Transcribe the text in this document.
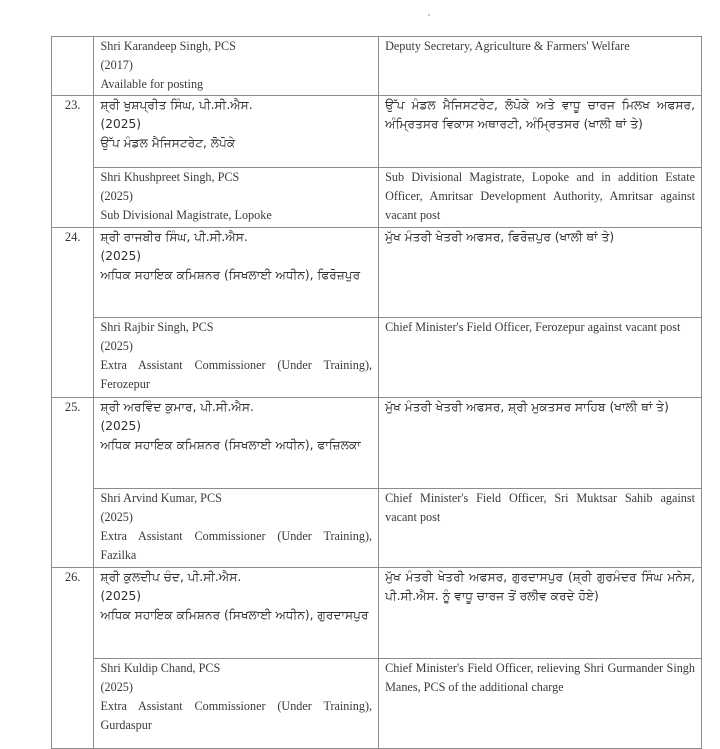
	Shri Karandeep Singh, PCS
(2017)
Available for posting	Deputy Secretary, Agriculture & Farmers' Welfare

23.	ਸ਼੍ਰੀ ਖੁਸ਼ਪ੍ਰੀਤ ਸਿੰਘ, ਪੀ.ਸੀ.ਐਸ.
(2025)
ਉੱਪ ਮੰਡਲ ਮੈਜਿਸਟਰੇਟ, ਲੋਪੋਕੇ	ਉੱਪ ਮੰਡਲ ਮੈਜਿਸਟਰੇਟ, ਲੋਪੋਕੇ ਅਤੇ ਵਾਧੂ ਚਾਰਜ ਮਿਲਖ ਅਫਸਰ, ਅੰਮ੍ਰਿਤਸਰ ਵਿਕਾਸ ਅਥਾਰਟੀ, ਅੰਮ੍ਰਿਤਸਰ (ਖਾਲੀ ਥਾਂ ਤੇ)

	Shri Khushpreet Singh, PCS
(2025)
Sub Divisional Magistrate, Lopoke	Sub Divisional Magistrate, Lopoke and in addition Estate Officer, Amritsar Development Authority, Amritsar against vacant post

24.	ਸ਼੍ਰੀ ਰਾਜਬੀਰ ਸਿੰਘ, ਪੀ.ਸੀ.ਐਸ.
(2025)
ਅਧਿਕ ਸਹਾਇਕ ਕਮਿਸ਼ਨਰ (ਸਿਖਲਾਈ ਅਧੀਨ), ਫਿਰੋਜ਼ਪੁਰ	ਮੁੱਖ ਮੰਤਰੀ ਖੇਤਰੀ ਅਫਸਰ, ਫਿਰੋਜ਼ਪੁਰ (ਖਾਲੀ ਥਾਂ ਤੇ)

	Shri Rajbir Singh, PCS
(2025)
Extra Assistant Commissioner (Under Training), Ferozepur	Chief Minister's Field Officer, Ferozepur against vacant post

25.	ਸ਼੍ਰੀ ਅਰਵਿੰਦ ਕੁਮਾਰ, ਪੀ.ਸੀ.ਐਸ.
(2025)
ਅਧਿਕ ਸਹਾਇਕ ਕਮਿਸ਼ਨਰ (ਸਿਖਲਾਈ ਅਧੀਨ), ਫਾਜ਼ਿਲਕਾ	ਮੁੱਖ ਮੰਤਰੀ ਖੇਤਰੀ ਅਫਸਰ, ਸ਼੍ਰੀ ਮੁਕਤਸਰ ਸਾਹਿਬ (ਖਾਲੀ ਥਾਂ ਤੇ)

	Shri Arvind Kumar, PCS
(2025)
Extra Assistant Commissioner (Under Training), Fazilka	Chief Minister's Field Officer, Sri Muktsar Sahib against vacant post

26.	ਸ਼੍ਰੀ ਕੁਲਦੀਪ ਚੰਦ, ਪੀ.ਸੀ.ਐਸ.
(2025)
ਅਧਿਕ ਸਹਾਇਕ ਕਮਿਸ਼ਨਰ (ਸਿਖਲਾਈ ਅਧੀਨ), ਗੁਰਦਾਸਪੁਰ	ਮੁੱਖ ਮੰਤਰੀ ਖੇਤਰੀ ਅਫਸਰ, ਗੁਰਦਾਸਪੁਰ (ਸ਼੍ਰੀ ਗੁਰਮੰਦਰ ਸਿੰਘ ਮਨੇਸ, ਪੀ.ਸੀ.ਐਸ. ਨੂੰ ਵਾਧੂ ਚਾਰਜ ਤੋਂ ਰਲੀਵ ਕਰਦੇ ਹੋਏ)

	Shri Kuldip Chand, PCS
(2025)
Extra Assistant Commissioner (Under Training), Gurdaspur	Chief Minister's Field Officer, relieving Shri Gurmander Singh Manes, PCS of the additional charge
